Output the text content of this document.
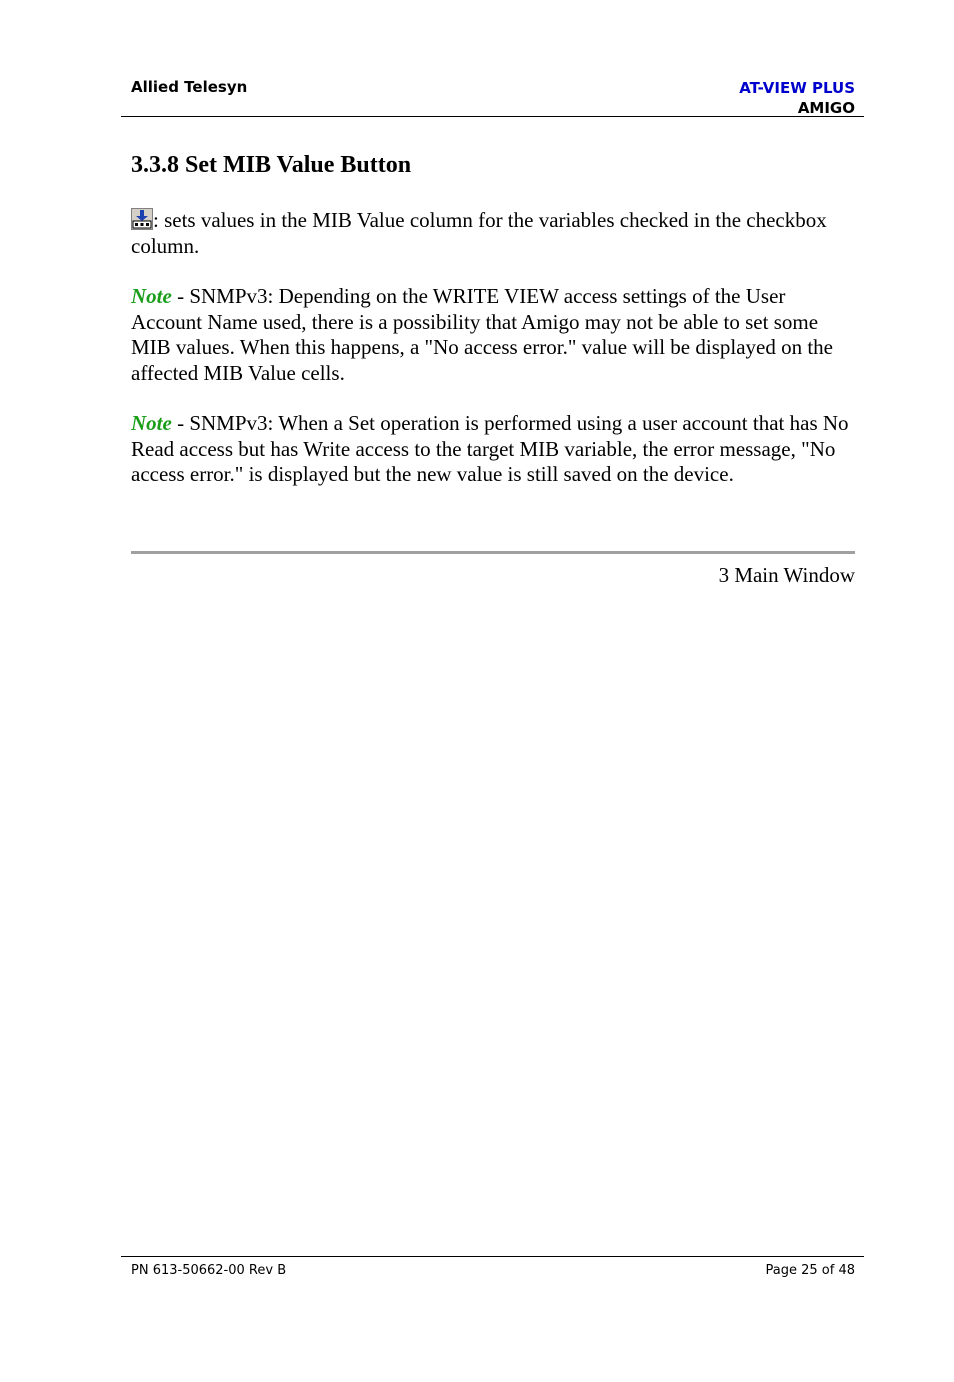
Allied Telesyn	AT-VIEW PLUS
AMIGO
3.3.8 Set MIB Value Button

: sets values in the MIB Value column for the variables checked in the checkbox column.

Note - SNMPv3: Depending on the WRITE VIEW access settings of the User Account Name used, there is a possibility that Amigo may not be able to set some MIB values. When this happens, a "No access error." value will be displayed on the affected MIB Value cells.

Note - SNMPv3: When a Set operation is performed using a user account that has No Read access but has Write access to the target MIB variable, the error message, "No access error." is displayed but the new value is still saved on the device.

3 Main Window
PN 613-50662-00 Rev B	Page 25 of 48
